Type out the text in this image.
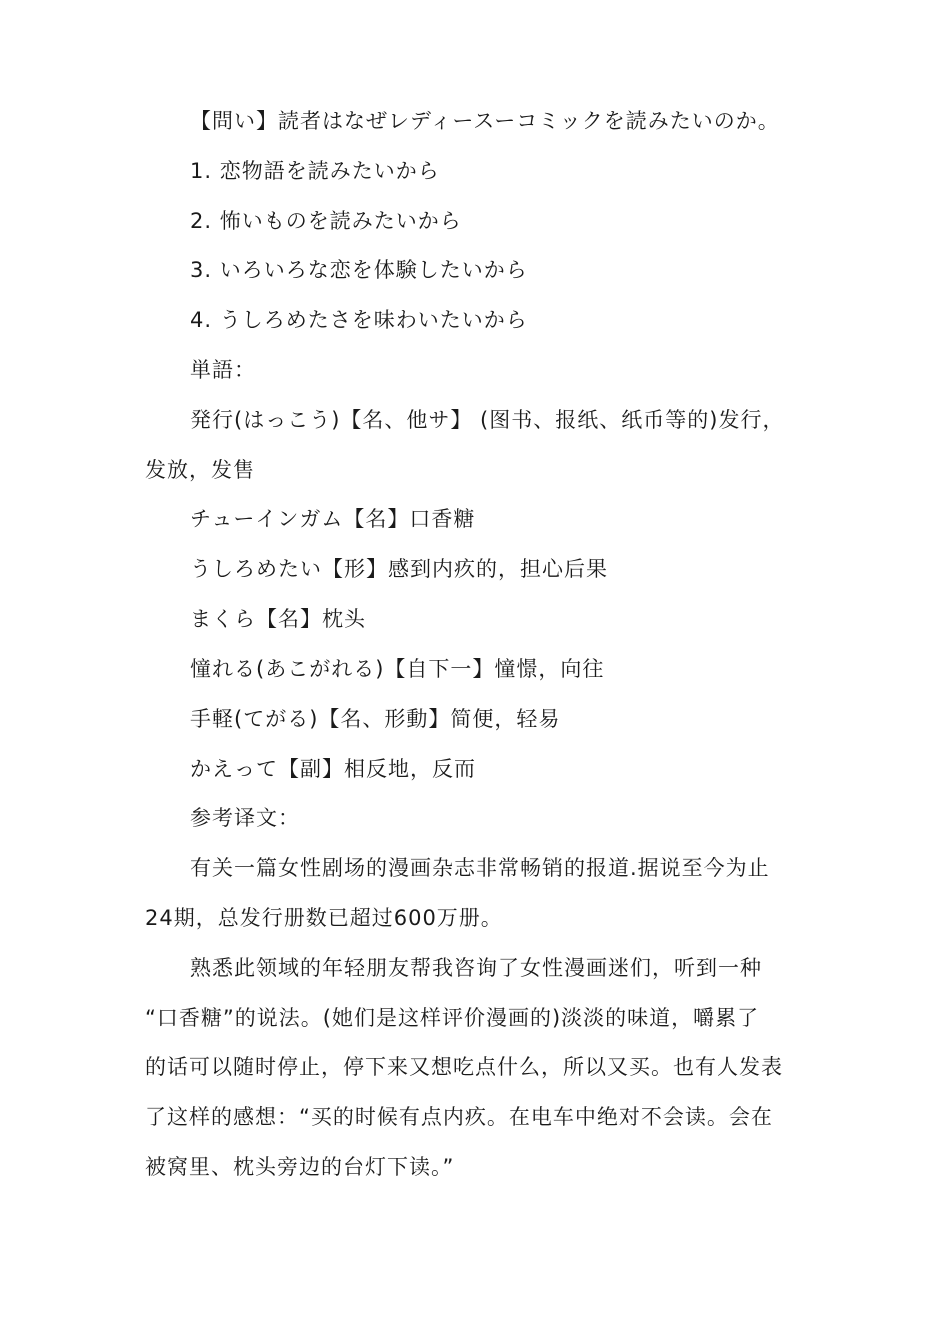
【問い】読者はなぜレディースーコミックを読みたいのか。
1. 恋物語を読みたいから
2. 怖いものを読みたいから
3. いろいろな恋を体験したいから
4. うしろめたさを味わいたいから
単語：
発行(はっこう)【名、他サ】 (图书、报纸、纸币等的)发行，
发放，发售
チューインガム【名】口香糖
うしろめたい【形】感到内疚的，担心后果
まくら【名】枕头
憧れる(あこがれる)【自下一】憧憬，向往
手軽(てがる)【名、形動】简便，轻易
かえって【副】相反地，反而
参考译文：
有关一篇女性剧场的漫画杂志非常畅销的报道.据说至今为止
24期，总发行册数已超过600万册。
熟悉此领域的年轻朋友帮我咨询了女性漫画迷们，听到一种
“口香糖”的说法。(她们是这样评价漫画的)淡淡的味道，嚼累了
的话可以随时停止，停下来又想吃点什么，所以又买。也有人发表
了这样的感想：“买的时候有点内疚。在电车中绝对不会读。会在
被窝里、枕头旁边的台灯下读。”
